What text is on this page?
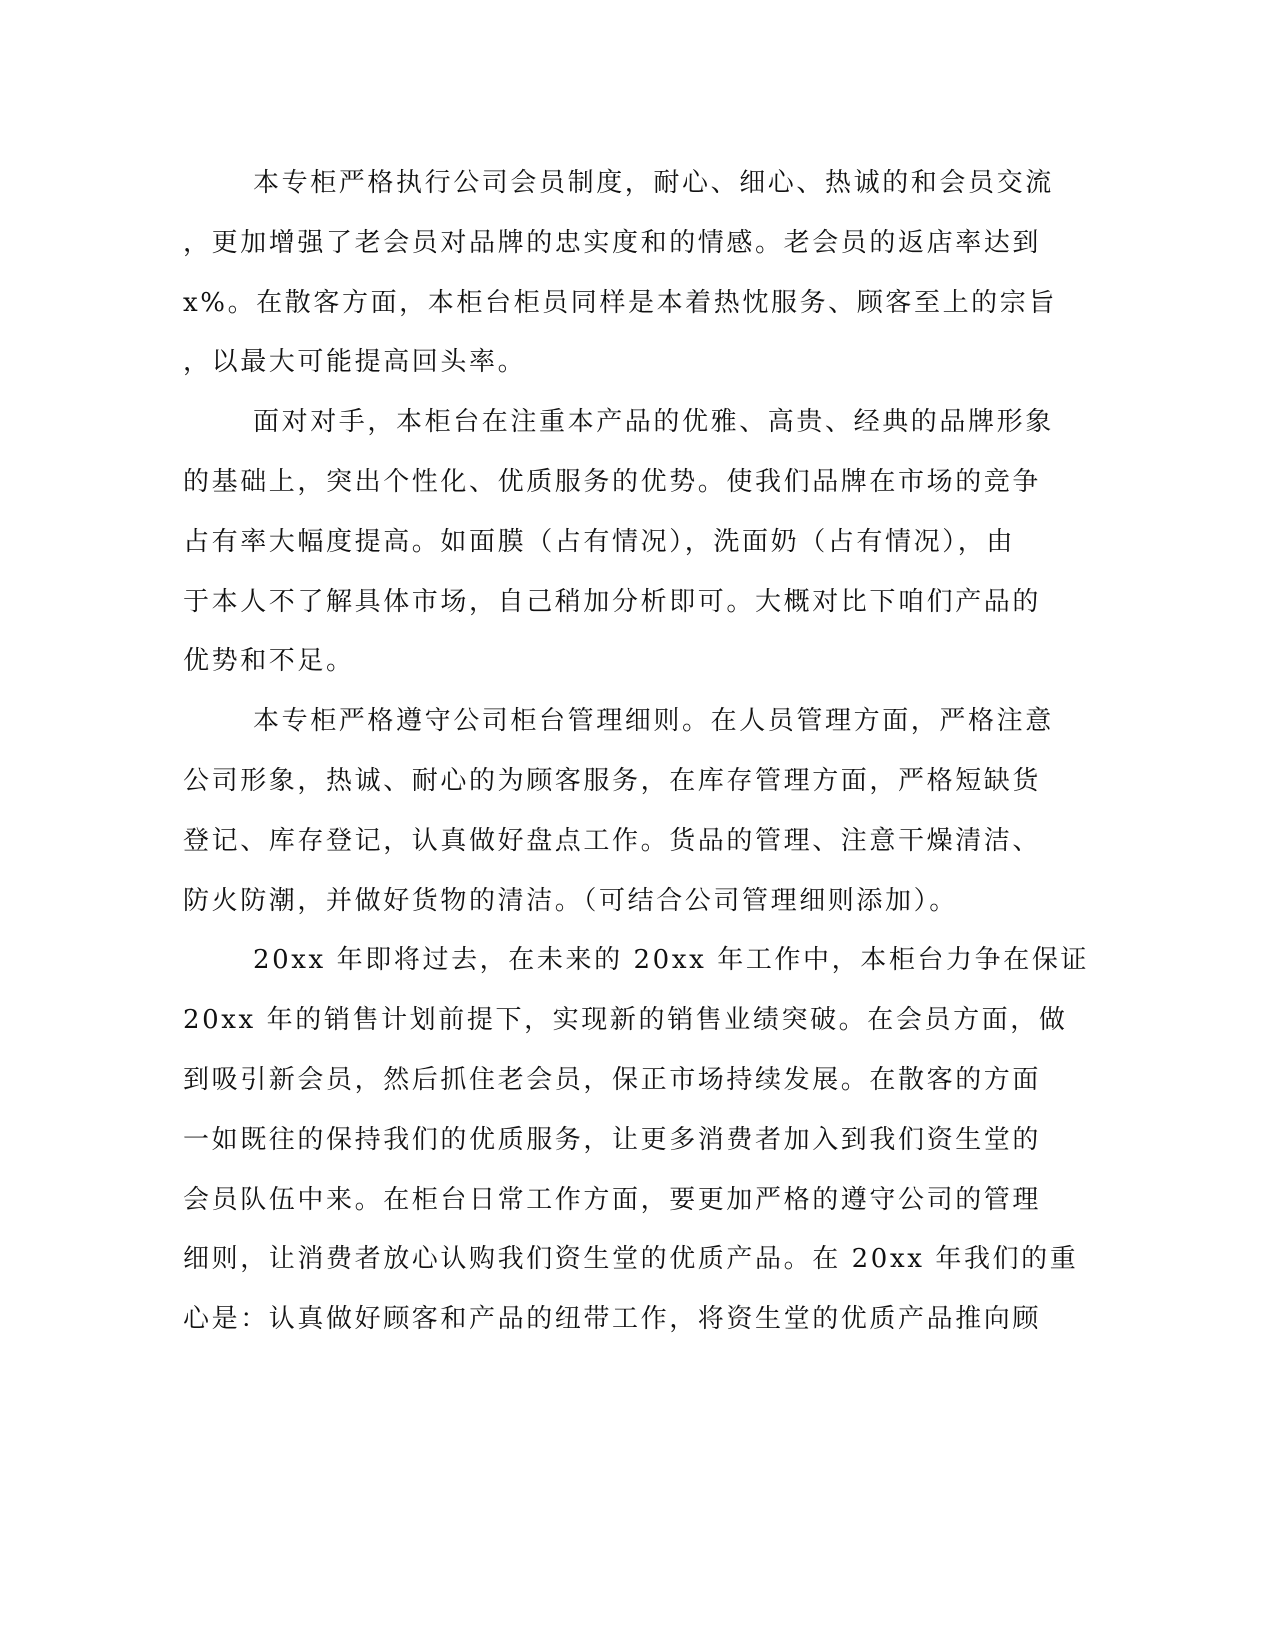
本专柜严格执行公司会员制度，耐心、细心、热诚的和会员交流
，更加增强了老会员对品牌的忠实度和的情感。老会员的返店率达到
x%。在散客方面，本柜台柜员同样是本着热忱服务、顾客至上的宗旨
，以最大可能提高回头率。
面对对手，本柜台在注重本产品的优雅、高贵、经典的品牌形象
的基础上，突出个性化、优质服务的优势。使我们品牌在市场的竞争
占有率大幅度提高。如面膜（占有情况），洗面奶（占有情况），由
于本人不了解具体市场，自己稍加分析即可。大概对比下咱们产品的
优势和不足。
本专柜严格遵守公司柜台管理细则。在人员管理方面，严格注意
公司形象，热诚、耐心的为顾客服务，在库存管理方面，严格短缺货
登记、库存登记，认真做好盘点工作。货品的管理、注意干燥清洁、
防火防潮，并做好货物的清洁。（可结合公司管理细则添加）。
20xx 年即将过去，在未来的 20xx 年工作中，本柜台力争在保证
20xx 年的销售计划前提下，实现新的销售业绩突破。在会员方面，做
到吸引新会员，然后抓住老会员，保正市场持续发展。在散客的方面
一如既往的保持我们的优质服务，让更多消费者加入到我们资生堂的
会员队伍中来。在柜台日常工作方面，要更加严格的遵守公司的管理
细则，让消费者放心认购我们资生堂的优质产品。在 20xx 年我们的重
心是：认真做好顾客和产品的纽带工作，将资生堂的优质产品推向顾
